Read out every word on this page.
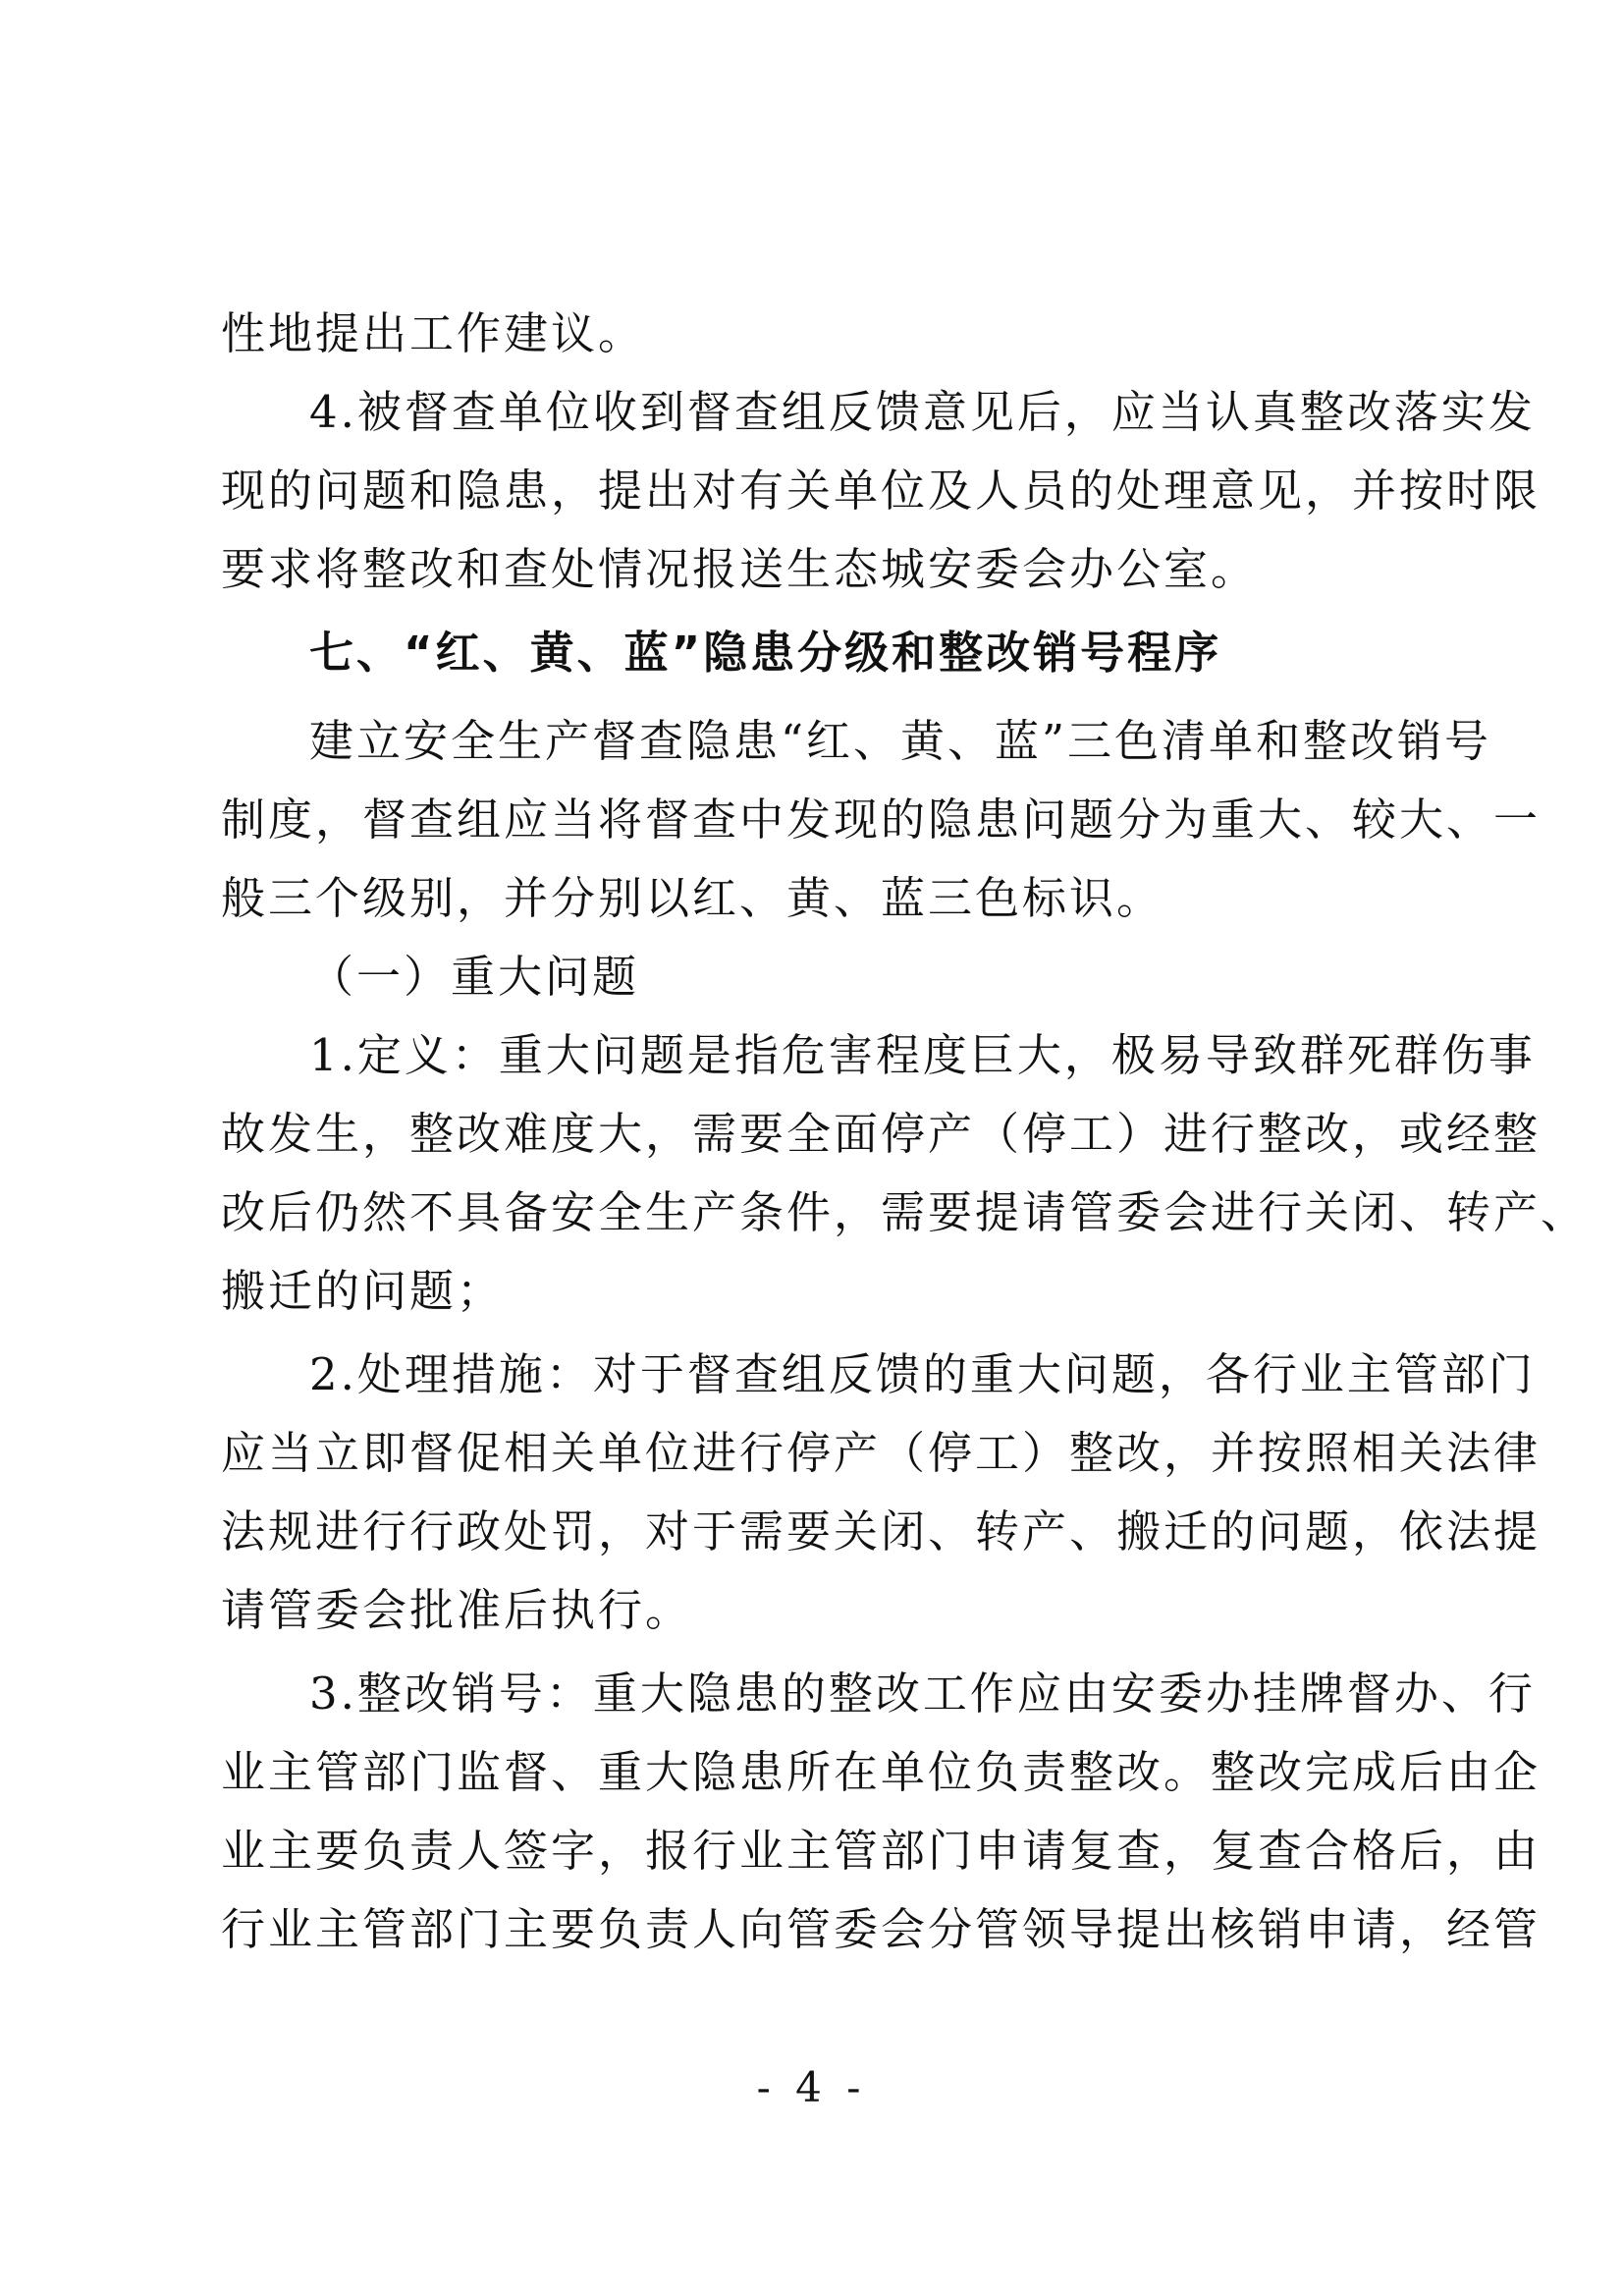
性地提出工作建议。
4.被督查单位收到督查组反馈意见后，应当认真整改落实发
现的问题和隐患，提出对有关单位及人员的处理意见，并按时限
要求将整改和查处情况报送生态城安委会办公室。
七、“红、黄、蓝”隐患分级和整改销号程序
建立安全生产督查隐患“红、黄、蓝”三色清单和整改销号
制度，督查组应当将督查中发现的隐患问题分为重大、较大、一
般三个级别，并分别以红、黄、蓝三色标识。
（一）重大问题
1.定义：重大问题是指危害程度巨大，极易导致群死群伤事
故发生，整改难度大，需要全面停产（停工）进行整改，或经整
改后仍然不具备安全生产条件，需要提请管委会进行关闭、转产、
搬迁的问题；
2.处理措施：对于督查组反馈的重大问题，各行业主管部门
应当立即督促相关单位进行停产（停工）整改，并按照相关法律
法规进行行政处罚，对于需要关闭、转产、搬迁的问题，依法提
请管委会批准后执行。
3.整改销号：重大隐患的整改工作应由安委办挂牌督办、行
业主管部门监督、重大隐患所在单位负责整改。整改完成后由企
业主要负责人签字，报行业主管部门申请复查，复查合格后，由
行业主管部门主要负责人向管委会分管领导提出核销申请，经管
- 4 -
